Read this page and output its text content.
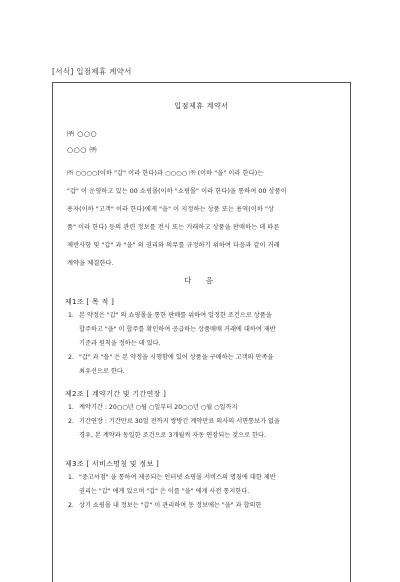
[서식] 입점제휴 계약서
입점제휴 계약서
㈜ ○○○
○○○ ㈜
㈜ ○○○○(이하 "갑" 이라 한다)과 ○○○○ ㈜ (이하 "을" 이라 한다)는
"갑" 이 운영하고 있는 00 쇼핑몰(이하 "쇼핑몰" 이라 한다)을 통하여 00 상품이
용자(이하 "고객" 이라 한다)에게 "을" 이 지정하는 상품 또는 용역(이하 "상
품" 이라 한다) 등의 관련 정보를 전시 또는 거래하고 상품을 판매하는 데 따른
제반사항 및 "갑" 과 "을" 의 권리와 의무를 규정하기 위하여 다음과 같이 거래
계약을 체결한다.
다 음
제1조 [ 목 적 ]
1. 본 약정은 "갑" 의 쇼핑몰을 통한 판매를 위하여 일정한 조건으로 상품을
합주하고 "을" 이 합주를 확인하여 공급하는 상품매매 거래에 대하여 제반
기준과 원칙을 정하는 데 있다.
2. "갑" 과 "을" 은 본 약정을 시행함에 있어 상품을 구매하는 고객의 만족을
최우선으로 한다.
제2조 [ 계약기간 및 기간연장 ]
1. 계약기간 : 20○○년 ○월 ○일부터 20○○년 ○월 ○일까지
2. 기간연장 : 기간만료 30일 전까지 쌍방간 계약만료 의사의 서면통보가 없을
경우, 본 계약과 동일한 조건으로 3개월씩 자동 연장되는 것으로 한다.
제3조 [ 서비스명칭 및 정보 ]
1. "중고서점" 을 통하여 제공되는 인터넷 쇼핑몰 서비스의 명칭에 대한 제반
권리는 "갑" 에게 있으며 "갑" 은 이를 "을" 에게 사전 통지한다.
2. 상기 쇼핑몰 내 정보는 "갑" 이 관리하며 동 정보에는 "을" 과 합의한
